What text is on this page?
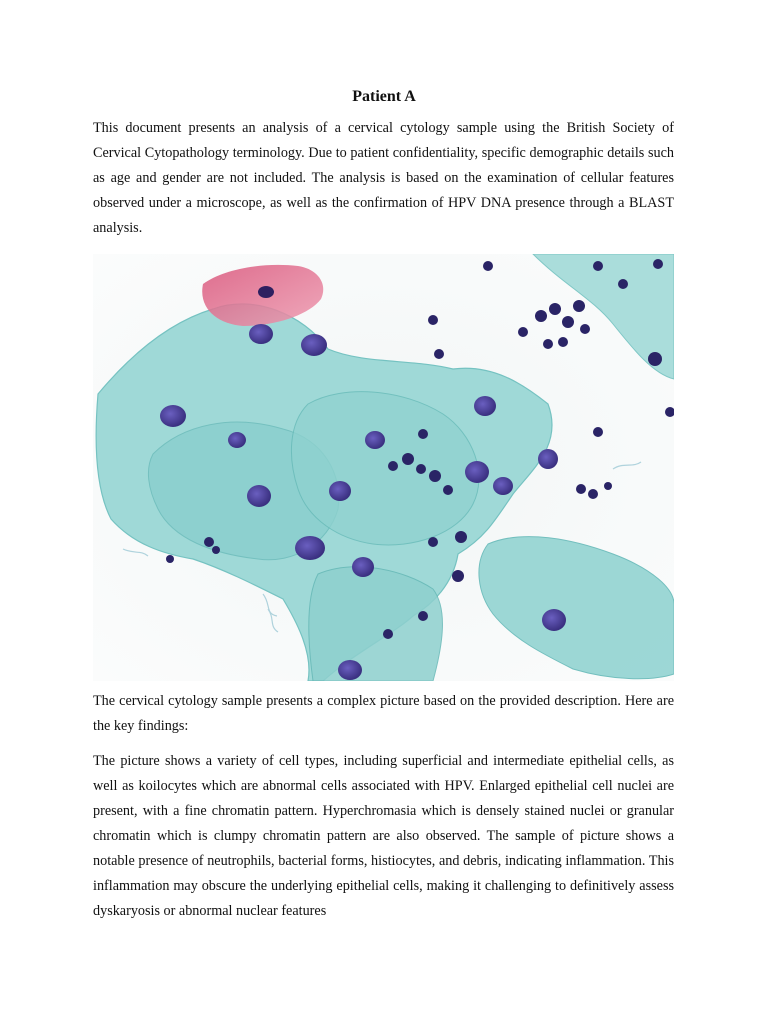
Patient A
This document presents an analysis of a cervical cytology sample using the British Society of Cervical Cytopathology terminology. Due to patient confidentiality, specific demographic details such as age and gender are not included. The analysis is based on the examination of cellular features observed under a microscope, as well as the confirmation of HPV DNA presence through a BLAST analysis.
The cervical cytology sample presents a complex picture based on the provided description. Here are the key findings:
The picture shows a variety of cell types, including superficial and intermediate epithelial cells, as well as koilocytes which are abnormal cells associated with HPV. Enlarged epithelial cell nuclei are present, with a fine chromatin pattern. Hyperchromasia which is densely stained nuclei or granular chromatin which is clumpy chromatin pattern are also observed. The sample of picture shows a notable presence of neutrophils, bacterial forms, histiocytes, and debris, indicating inflammation. This inflammation may obscure the underlying epithelial cells, making it challenging to definitively assess dyskaryosis or abnormal nuclear features
